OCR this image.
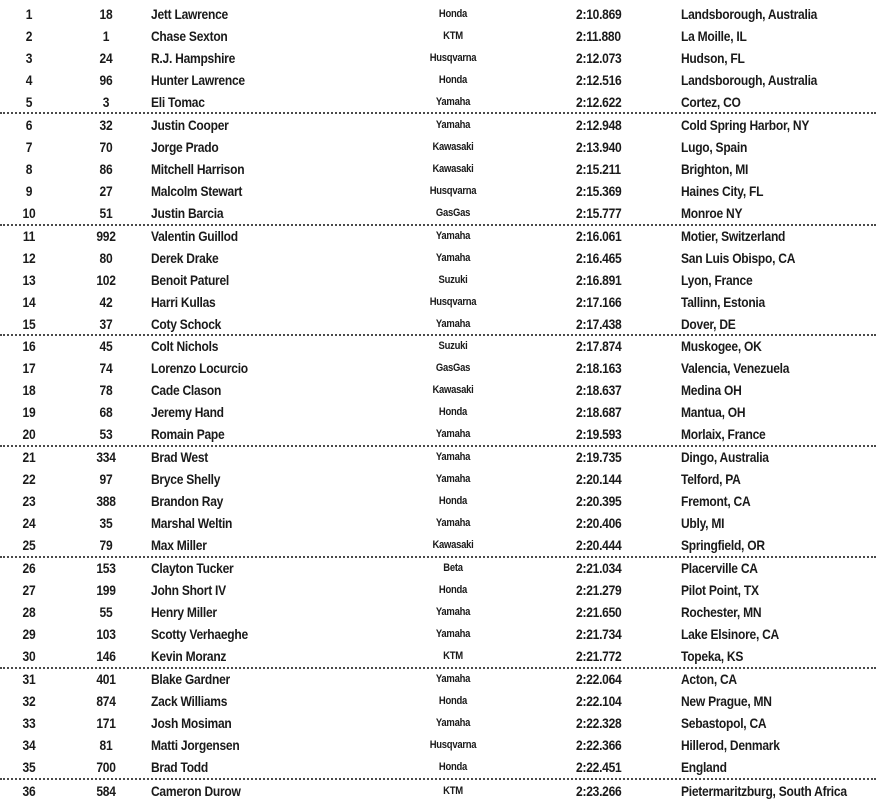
1	18	Jett Lawrence	Honda	2:10.869	Landsborough, Australia
2	1	Chase Sexton	KTM	2:11.880	La Moille, IL
3	24	R.J. Hampshire	Husqvarna	2:12.073	Hudson, FL
4	96	Hunter Lawrence	Honda	2:12.516	Landsborough, Australia
5	3	Eli Tomac	Yamaha	2:12.622	Cortez, CO
6	32	Justin Cooper	Yamaha	2:12.948	Cold Spring Harbor, NY
7	70	Jorge Prado	Kawasaki	2:13.940	Lugo, Spain
8	86	Mitchell Harrison	Kawasaki	2:15.211	Brighton, MI
9	27	Malcolm Stewart	Husqvarna	2:15.369	Haines City, FL
10	51	Justin Barcia	GasGas	2:15.777	Monroe NY
11	992	Valentin Guillod	Yamaha	2:16.061	Motier, Switzerland
12	80	Derek Drake	Yamaha	2:16.465	San Luis Obispo, CA
13	102	Benoit Paturel	Suzuki	2:16.891	Lyon, France
14	42	Harri Kullas	Husqvarna	2:17.166	Tallinn, Estonia
15	37	Coty Schock	Yamaha	2:17.438	Dover, DE
16	45	Colt Nichols	Suzuki	2:17.874	Muskogee, OK
17	74	Lorenzo Locurcio	GasGas	2:18.163	Valencia, Venezuela
18	78	Cade Clason	Kawasaki	2:18.637	Medina OH
19	68	Jeremy Hand	Honda	2:18.687	Mantua, OH
20	53	Romain Pape	Yamaha	2:19.593	Morlaix, France
21	334	Brad West	Yamaha	2:19.735	Dingo, Australia
22	97	Bryce Shelly	Yamaha	2:20.144	Telford, PA
23	388	Brandon Ray	Honda	2:20.395	Fremont, CA
24	35	Marshal Weltin	Yamaha	2:20.406	Ubly, MI
25	79	Max Miller	Kawasaki	2:20.444	Springfield, OR
26	153	Clayton Tucker	Beta	2:21.034	Placerville CA
27	199	John Short IV	Honda	2:21.279	Pilot Point, TX
28	55	Henry Miller	Yamaha	2:21.650	Rochester, MN
29	103	Scotty Verhaeghe	Yamaha	2:21.734	Lake Elsinore, CA
30	146	Kevin Moranz	KTM	2:21.772	Topeka, KS
31	401	Blake Gardner	Yamaha	2:22.064	Acton, CA
32	874	Zack Williams	Honda	2:22.104	New Prague, MN
33	171	Josh Mosiman	Yamaha	2:22.328	Sebastopol, CA
34	81	Matti Jorgensen	Husqvarna	2:22.366	Hillerod, Denmark
35	700	Brad Todd	Honda	2:22.451	England
36	584	Cameron Durow	KTM	2:23.266	Pietermaritzburg, South Africa
